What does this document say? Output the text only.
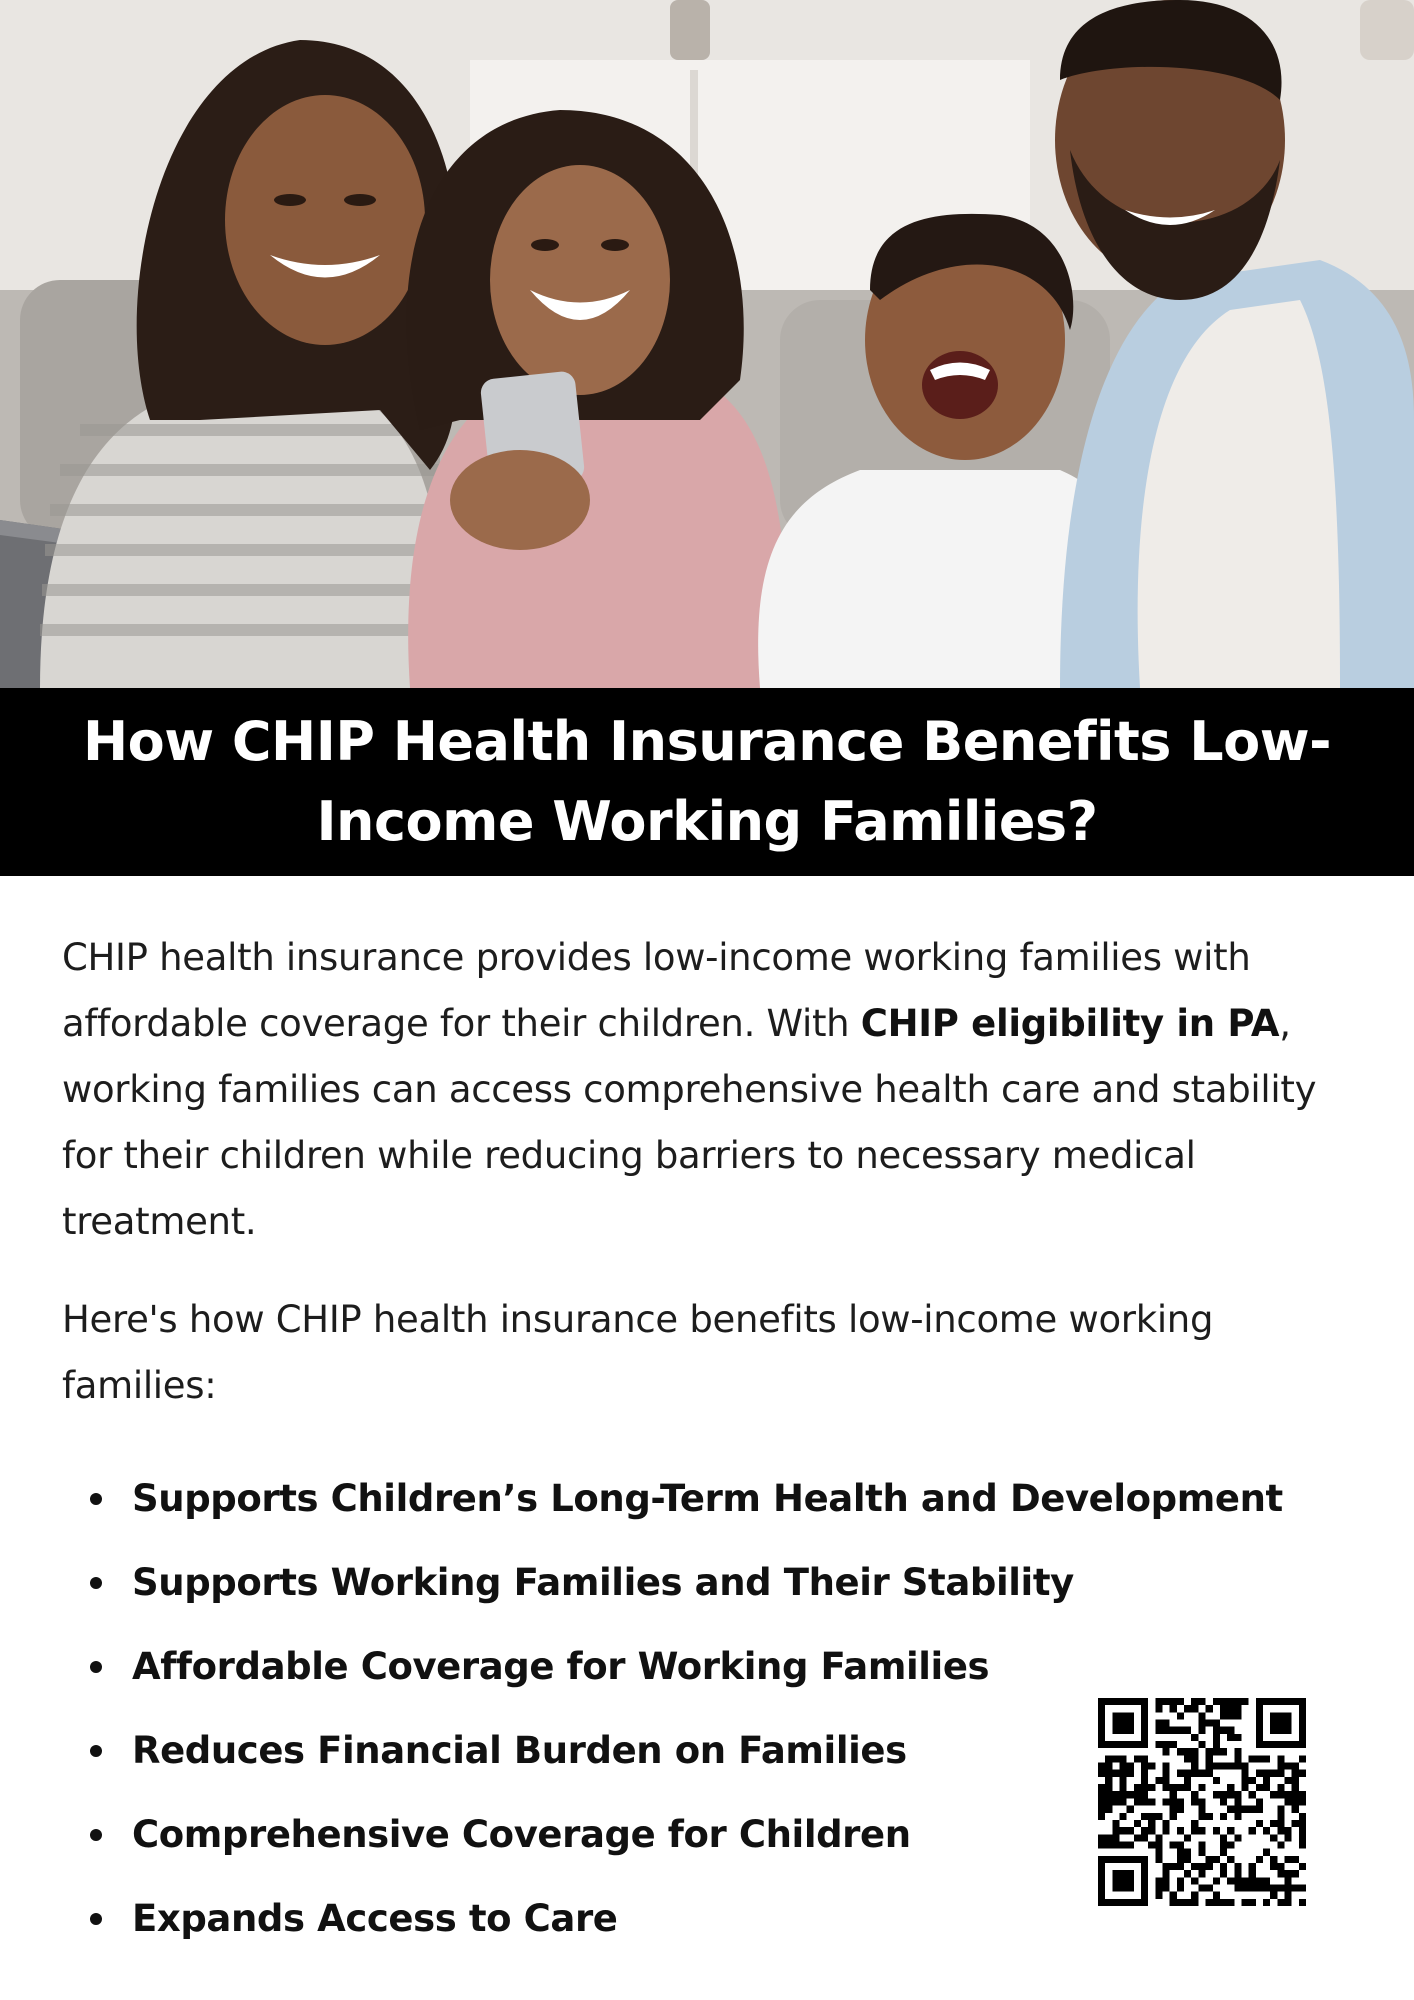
How CHIP Health Insurance Benefits Low-Income Working Families?

CHIP health insurance provides low-income working families with affordable coverage for their children. With CHIP eligibility in PA, working families can access comprehensive health care and stability for their children while reducing barriers to necessary medical treatment.

Here's how CHIP health insurance benefits low-income working families:

Supports Children’s Long-Term Health and Development
Supports Working Families and Their Stability
Affordable Coverage for Working Families
Reduces Financial Burden on Families
Comprehensive Coverage for Children
Expands Access to Care
